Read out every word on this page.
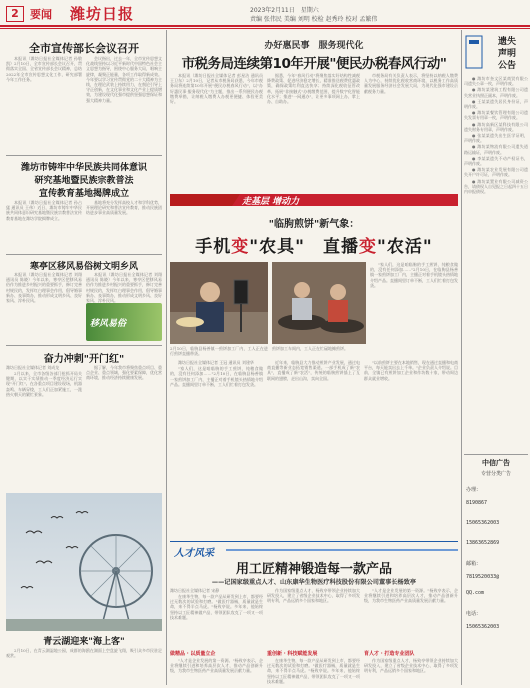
2	要闻 潍坊日报	2023年2月11日　星期六
责编 张伟民 美编 刘明 校检 赵秀玲 校对 孟繁伟
全市宣传部长会议召开

本报讯（潍坊日报社全媒体记者 孙敬凯）2月10日，全市宣传部长会议召开，贯彻落实全国、全省宣传部长会议精神，总结2022年全市宣传思想文化工作，研究部署今年工作任务。

会议指出，过去一年，全市宣传思想文化战线坚持以习近平新时代中国特色社会主义思想为指导，围绕中心服务大局，唱响主旋律，凝聚正能量，各项工作取得新成效。今年要以学习宣传贯彻党的二十大精神为主线，在理论武装上持续用力，在舆论引导上守正创新，在文化事业和文化产业上提质增效，为建设现代化强市提供坚强思想保证和强大精神力量。

潍坊市铸牢中华民族共同体意识
研究基地暨民族宗教普法
宣传教育基地揭牌成立

本报讯（潍坊日报社全媒体记者 孙占猛 通讯员 王伟）近日，潍坊市铸牢中华民族共同体意识研究基地暨民族宗教普法宣传教育基地在潍坊学院揭牌成立。

基地将充分发挥高校人才和学科优势，开展理论研究和普法宣传教育，推动民族团结进步事业高质量发展。

寒亭区移风易俗树文明乡风

本报讯（潍坊日报社全媒体记者 刘翔 通讯员 陈晓）今年以来，寒亭区把移风易俗作为推进乡村振兴的重要抓手，修订完善村规民约，发挥红白理事会作用，倡导婚事新办、丧事简办，推动形成文明乡风、良好家风、淳朴民风。

本报讯（潍坊日报社全媒体记者 刘翔 通讯员 陈晓）今年以来，寒亭区把移风易俗作为推进乡村振兴的重要抓手，修订完善村规民约，发挥红白理事会作用，倡导婚事新办、丧事简办，推动形成文明乡风、良好家风、淳朴民风。

移风易俗
奋力冲刺"开门红"
潍坊日报社全媒体记者 刘成龙

2月以来，全市各级各部门抢抓开局关键期，以实干实绩推动一季度经济运行实现"开门红"。在各重点项目建设现场，机器轰鸣、车辆穿梭，工人们正加紧施工，一派热火朝天的繁忙景象。

据了解，今年我市将聚焦重点项目、重点企业、重点领域，强化要素保障，优化营商环境，推动经济持续健康发展。

青云湖迎来"海上客"

2月10日，在青云湖湿地公园，成群的海鸥在湖面上空盘旋飞翔，吸引众多市民驻足观赏。

办好惠民事　服务现代化
市税务局连续第10年开展"便民办税春风行动"

本报讯（潍坊日报社全媒体记者 彭星洁 通讯员 王卫东）2月10日，记者从市税务局获悉，今年市税务局将连续第10年开展"便民办税春风行动"，以"办好惠民事·服务现代化"为主题，推出一系列便民办税缴费举措，让纳税人缴费人办税更便捷、体验更美好。

据悉，今年"春风行动"将聚焦落实好结构性减税降费政策、促进经济稳定增长，精准推送税费优惠政策，确保政策红利直达快享；持续深化税收征管改革，拓展"非接触式"办税缴费范围，提升数字化智能化水平；推进"一网通办"，让更多事项网上办、掌上办、自助办。

市税务局有关负责人表示，将坚持以纳税人缴费人为中心，持续优化税收营商环境，以税务工作高质量发展服务经济社会发展大局，为现代化强市建设贡献税务力量。

走基层 增动力
"临朐煎饼"新气象：
手机变"农具"　直播变"农活"
2月10日，临朐县杨善镇一煎饼加工厂内，工人正在进行煎饼直播带货。
煎饼加工车间内，工人正在忙碌地摊煎饼。

"家人们，这是咱临朐的手工煎饼，纯粮食做的，没有任何添加……"2月10日，在临朐县杨善镇一家煎饼加工厂内，主播正对着手机镜头热情地介绍产品。直播间里订单不断，工人们忙着打包发货。

潍坊日报社全媒体记者 王冠 通讯员 刘建华

"家人们，这是咱临朐的手工煎饼，纯粮食做的，没有任何添加……"2月10日，在临朐县杨善镇一家煎饼加工厂内，主播正对着手机镜头热情地介绍产品。直播间里订单不断，工人们忙着打包发货。

近年来，临朐县大力推动煎饼产业发展，通过电商直播等新业态拓宽销售渠道。一部手机成了新"农具"，直播成了新"农活"，传统的临朐煎饼插上了互联网的翅膀，走出山沟，卖向全国。

"以前煎饼主要在本地销售，现在通过直播和电商平台，每天能卖出去上千单。"企业负责人介绍说。目前，全镇已有煎饼加工企业和作坊数十家，带动周边群众就业增收。

人才风采
用工匠精神锻造每一款产品
——记国家级重点人才、山东康华生物医疗科技股份有限公司董事长杨致亭
潍坊日报社全媒体记者 宋静

在康华生物，每一款产品从研发到上市，都要经过无数次的试验和打磨。"做医疗器械，质量就是生命，来不得半点马虎。"杨致亭说。多年来，他始终坚持以工匠精神做产品，带领团队攻克了一项又一项技术难题。

做精品 · 以质量立企

"人才是企业发展的第一资源。"杨致亭表示，企业将继续引进和培养高层次人才，推动产品创新升级，为我市生物医药产业高质量发展贡献力量。

作为国家级重点人才，杨致亭带领企业持续加大研发投入，建立了省级企业技术中心，取得了多项发明专利，产品远销多个国家和地区。

重创新 · 科技赋能发展

在康华生物，每一款产品从研发到上市，都要经过无数次的试验和打磨。"做医疗器械，质量就是生命，来不得半点马虎。"杨致亭说。多年来，他始终坚持以工匠精神做产品，带领团队攻克了一项又一项技术难题。

"人才是企业发展的第一资源。"杨致亭表示，企业将继续引进和培养高层次人才，推动产品创新升级，为我市生物医药产业高质量发展贡献力量。

育人才 · 打造专业团队

作为国家级重点人才，杨致亭带领企业持续加大研发投入，建立了省级企业技术中心，取得了多项发明专利，产品远销多个国家和地区。

遗失
声明
公告

● 潍坊市奎文区某商贸有限公司遗失公章一枚，声明作废。

● 潍坊某建筑工程有限公司遗失营业执照正副本，声明作废。

● 王某某遗失居民身份证，声明作废。

● 潍坊某餐饮管理有限公司遗失发票专用章一枚，声明作废。

● 潍坊高新区某科技有限公司遗失财务专用章，声明作废。

● 张某某遗失出生医学证明，声明作废。

● 潍坊某物流有限公司遗失道路运输证，声明作废。

● 李某某遗失不动产权证书，声明作废。

● 潍坊某农业发展有限公司遗失开户许可证，声明作废。

● 潍坊某置业有限公司减资公告，请债权人自见报之日起四十五日内申报债权。

中信广告
专营分类广告
办理：
8190867
15065362003
13863652869
邮箱：
7819520033@
QQ.com
电话：
15065362003
